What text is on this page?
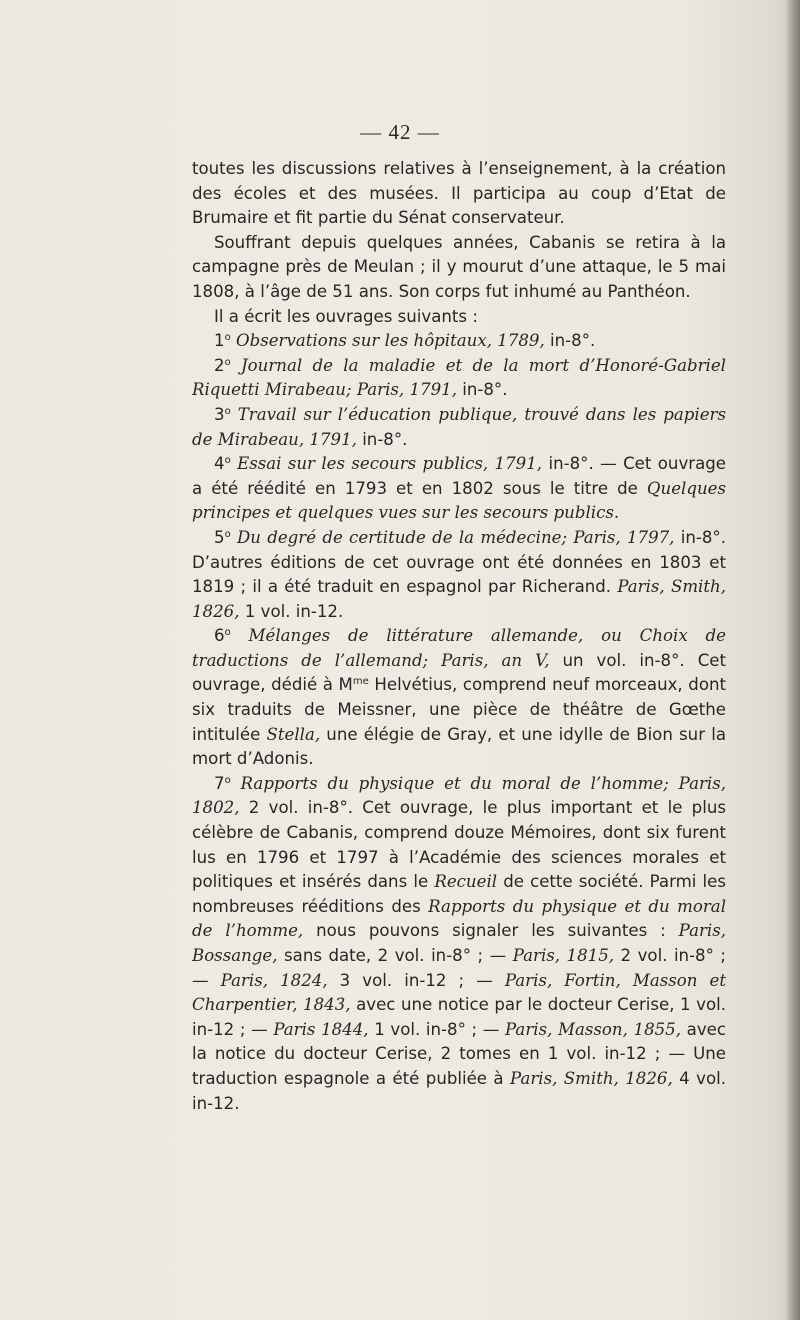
— 42 —

toutes les discussions relatives à l’enseignement, à la création des écoles et des musées. Il participa au coup d’Etat de Brumaire et fit partie du Sénat conservateur.

Souffrant depuis quelques années, Cabanis se retira à la campagne près de Meulan ; il y mourut d’une attaque, le 5 mai 1808, à l’âge de 51 ans. Son corps fut inhumé au Panthéon.

Il a écrit les ouvrages suivants :

1$^o$ Observations sur les hôpitaux, 1789, in-8°.

2$^o$ Journal de la maladie et de la mort d’Honoré-Gabriel Riquetti Mirabeau; Paris, 1791, in-8°.

3$^o$ Travail sur l’éducation publique, trouvé dans les papiers de Mirabeau, 1791, in-8°.

4$^o$ Essai sur les secours publics, 1791, in-8°. — Cet ouvrage a été réédité en 1793 et en 1802 sous le titre de Quelques principes et quelques vues sur les secours publics.

5$^o$ Du degré de certitude de la médecine; Paris, 1797, in-8°. D’autres éditions de cet ouvrage ont été données en 1803 et 1819 ; il a été traduit en espagnol par Richerand. Paris, Smith, 1826, 1 vol. in-12.

6$^o$ Mélanges de littérature allemande, ou Choix de traductions de l’allemand; Paris, an V, un vol. in-8°. Cet ouvrage, dédié à $M^{me}$ Helvétius, comprend neuf morceaux, dont six traduits de Meissner, une pièce de théâtre de Gœthe intitulée Stella, une élégie de Gray, et une idylle de Bion sur la mort d’Adonis.

7$^o$ Rapports du physique et du moral de l’homme; Paris, 1802, 2 vol. in-8°. Cet ouvrage, le plus important et le plus célèbre de Cabanis, comprend douze Mémoires, dont six furent lus en 1796 et 1797 à l’Académie des sciences morales et politiques et insérés dans le Recueil de cette société. Parmi les nombreuses rééditions des Rapports du physique et du moral de l’homme, nous pouvons signaler les suivantes : Paris, Bossange, sans date, 2 vol. in-8° ; — Paris, 1815, 2 vol. in-8° ; — Paris, 1824, 3 vol. in-12 ; — Paris, Fortin, Masson et Charpentier, 1843, avec une notice par le docteur Cerise, 1 vol. in-12 ; — Paris 1844, 1 vol. in-8° ; — Paris, Masson, 1855, avec la notice du docteur Cerise, 2 tomes en 1 vol. in-12 ; — Une traduction espagnole a été publiée à Paris, Smith, 1826, 4 vol. in-12.
